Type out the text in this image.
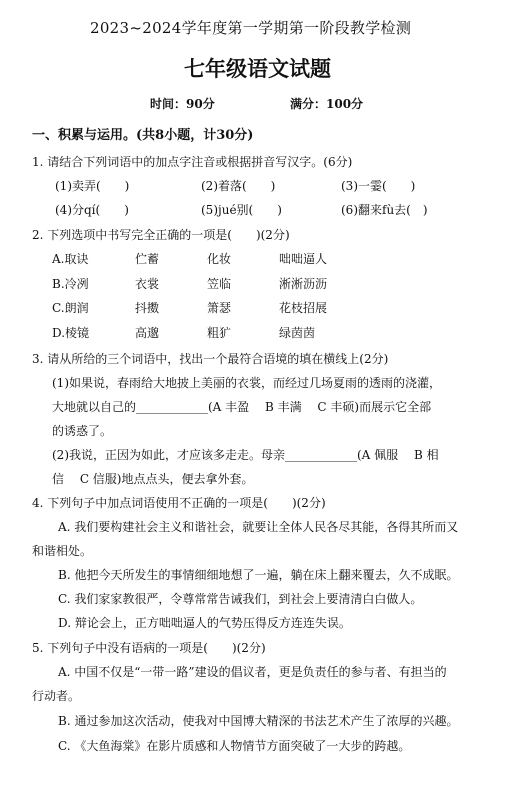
2023~2024学年度第一学期第一阶段教学检测
七年级语文试题
时间：90分	满分：100分
一、积累与运用。(共8小题，计30分)
1. 请结合下列词语中的加点字注音或根据拼音写汉字。(6分)
(1)卖弄(　　)	(2)着落(　　)	(3)一霎(　　)
(4)分qí(　　)	(5)jué别(　　)	(6)翻来fù去(　)
2. 下列选项中书写完全正确的一项是(　　)(2分)
A.取诀	伫蓄	化妆	咄咄逼人
B.冷冽	衣裳	笠临	淅淅沥沥
C.朗润	抖擞	箫瑟	花枝招展
D.棱镜	高邈	粗犷	绿茵茵
3. 请从所给的三个词语中，找出一个最符合语境的填在横线上(2分)
(1)如果说，春雨给大地披上美丽的衣裳，而经过几场夏雨的透雨的浇灌，
大地就以自己的____________(A 丰盈　 B 丰满　 C 丰硕)而展示它全部
的诱惑了。
(2)我说，正因为如此，才应该多走走。母亲____________(A 佩服　 B 相
信　 C 信服)地点点头，便去拿外套。
4. 下列句子中加点词语使用不正确的一项是(　　)(2分)
A. 我们要构建社会主义和谐社会，就要让全体人民各尽其能，各得其所而又
和谐相处。
B. 他把今天所发生的事情细细地想了一遍，躺在床上翻来覆去，久不成眠。
C. 我们家家教很严，令尊常常告诫我们，到社会上要清清白白做人。
D. 辩论会上，正方咄咄逼人的气势压得反方连连失误。
5. 下列句子中没有语病的一项是(　　)(2分)
A. 中国不仅是“一带一路”建设的倡议者，更是负责任的参与者、有担当的
行动者。
B. 通过参加这次活动，使我对中国博大精深的书法艺术产生了浓厚的兴趣。
C. 《大鱼海棠》在影片质感和人物情节方面突破了一大步的跨越。
